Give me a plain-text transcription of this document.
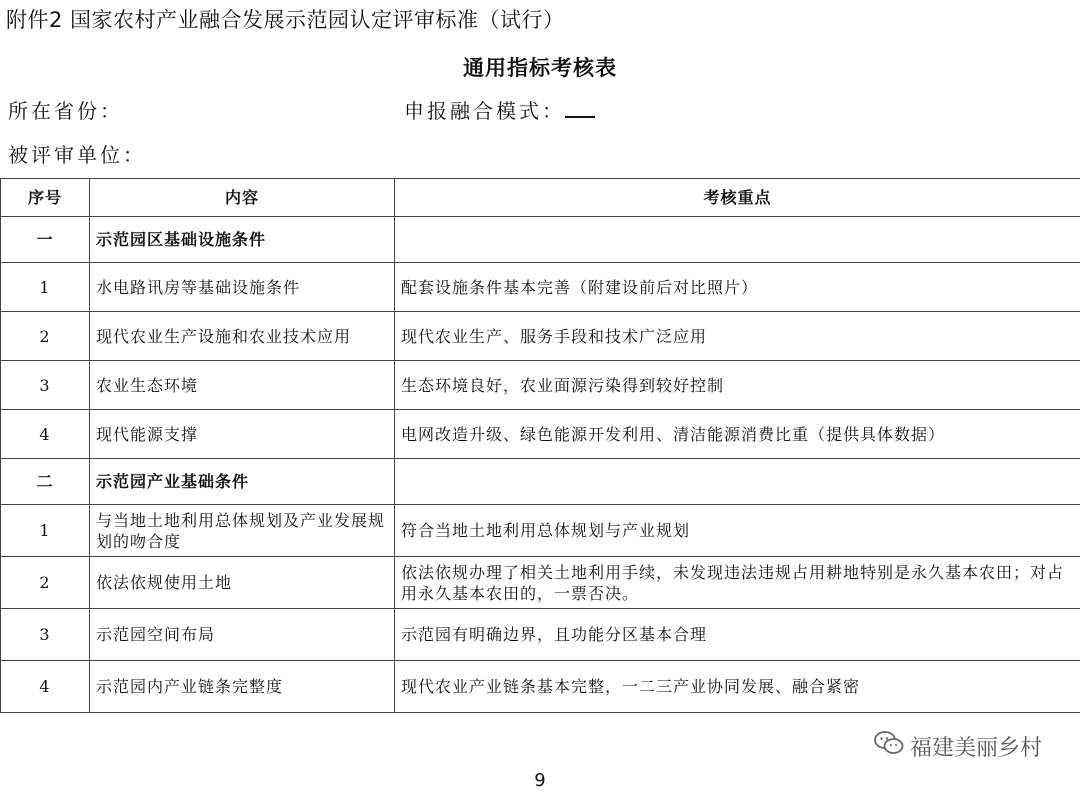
附件2 国家农村产业融合发展示范园认定评审标准（试行）
通用指标考核表
所在省份：	申报融合模式：
被评审单位：
序号	内容	考核重点
一	示范园区基础设施条件	
1	水电路讯房等基础设施条件	配套设施条件基本完善（附建设前后对比照片）
2	现代农业生产设施和农业技术应用	现代农业生产、服务手段和技术广泛应用
3	农业生态环境	生态环境良好，农业面源污染得到较好控制
4	现代能源支撑	电网改造升级、绿色能源开发利用、清洁能源消费比重（提供具体数据）
二	示范园产业基础条件	
1	与当地土地利用总体规划及产业发展规划的吻合度	符合当地土地利用总体规划与产业规划
2	依法依规使用土地	依法依规办理了相关土地利用手续，未发现违法违规占用耕地特别是永久基本农田；对占用永久基本农田的，一票否决。
3	示范园空间布局	示范园有明确边界，且功能分区基本合理
4	示范园内产业链条完整度	现代农业产业链条基本完整，一二三产业协同发展、融合紧密
福建美丽乡村
9
